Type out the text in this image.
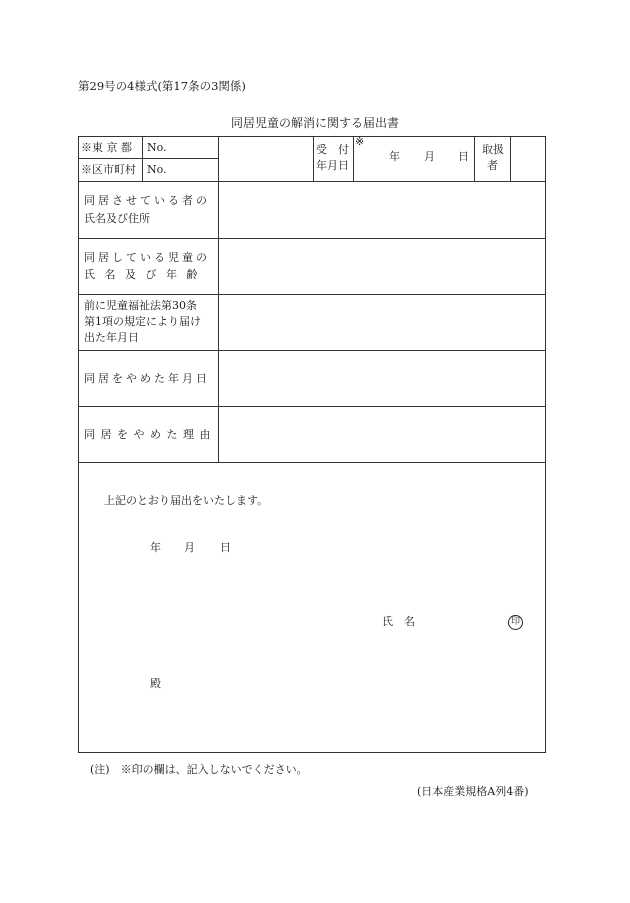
第29号の4様式(第17条の3関係)
同居児童の解消に関する届出書
※東 京 都 No.
※区市町村 No.
受　付
年月日
※
年 月 日
取扱
者
同居させている者の
氏名及び住所
同居している児童の
氏 名 及 び 年 齢
前に児童福祉法第30条
第1項の規定により届け
出た年月日
同居をやめた年月日
同 居 を や め た 理 由
上記のとおり届出をいたします。
年 月 日
氏　名	印
殿
(注)　※印の欄は、記入しないでください。
(日本産業規格A列4番)
